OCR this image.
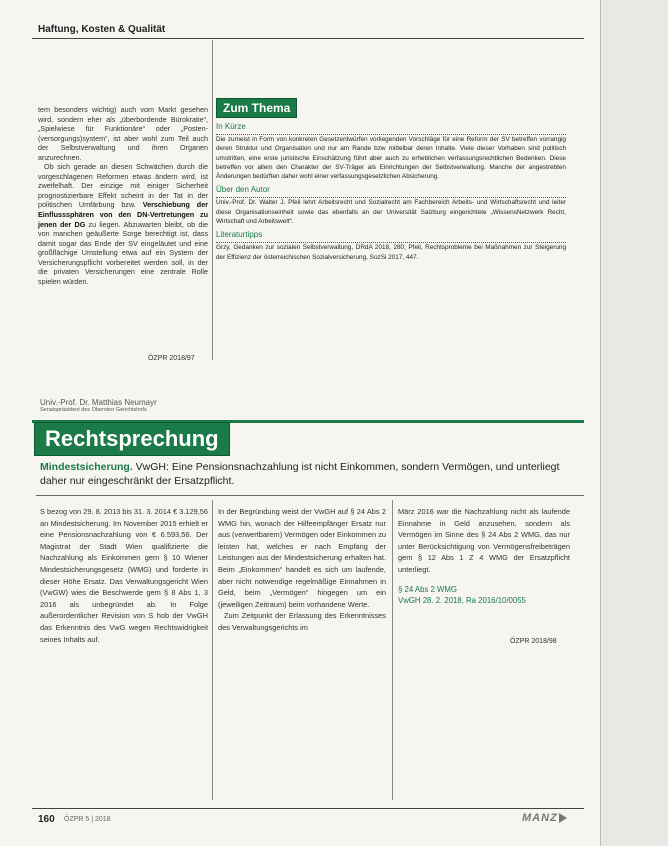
Haftung, Kosten & Qualität

tem besonders wichtig) auch vom Markt gesehen wird, sondern eher als „überbordende Bürokratie“, „Spielwiese für Funktionäre“ oder „Posten-(versorgungs)system“, ist aber wohl zum Teil auch der Selbstverwaltung und ihren Organen anzurechnen.

Ob sich gerade an diesen Schwächen durch die vorgeschlagenen Reformen etwas ändern wird, ist zweifelhaft. Der einzige mit einiger Sicherheit prognostizierbare Effekt scheint in der Tat in der politischen Umfärbung bzw. Verschiebung der Einflusssphären von den DN-Vertretungen zu jenen der DG zu liegen. Abzuwarten bleibt, ob die von manchen geäußerte Sorge berechtigt ist, dass damit sogar das Ende der SV eingeläutet und eine großflächige Umstellung etwa auf ein System der Versicherungspflicht vorbereitet werden soll, in der die privaten Versicherungen eine zentrale Rolle spielen würden.

ÖZPR 2018/97
Zum Thema
In Kürze
Die zumeist in Form von konkreten Gesetzentwürfen vorliegenden Vorschläge für eine Reform der SV betreffen vorrangig deren Struktur und Organisation und nur am Rande bzw mittelbar deren Inhalte. Viele dieser Vorhaben sind politisch umstritten, eine erste juristische Einschätzung führt aber auch zu erheblichen verfassungsrechtlichen Bedenken. Diese betreffen vor allem den Charakter der SV-Träger als Einrichtungen der Selbstverwaltung. Manche der angestrebten Änderungen bedürften daher wohl einer verfassungsgesetzlichen Absicherung.
Über den Autor
Univ.-Prof. Dr. Walter J. Pfeil lehrt Arbeitsrecht und Sozialrecht am Fachbereich Arbeits- und Wirtschaftsrecht und leiter diese Organisationseinheit sowie das ebenfalls an der Universität Salzburg eingerichtete „WissensNetzwerk Recht, Wirtschaft und Arbeitswelt“.
Literaturtipps
Grzy, Gedanken zur sozialen Selbstverwaltung, DRdA 2018, 280; Pfeil, Rechtsprobleme bei Maßnahmen zur Steigerung der Effizienz der österreichischen Sozialversicherung, SozSi 2017, 447.
Univ.-Prof. Dr. Matthias Neumayr
Senatspräsident des Obersten Gerichtshofs
Rechtsprechung
Mindestsicherung. VwGH: Eine Pensionsnachzahlung ist nicht Einkommen, sondern Vermögen, und unterliegt daher nur eingeschränkt der Ersatzpflicht.

S bezog von 29. 8. 2013 bis 31. 3. 2014 € 3.129,56 an Mindestsicherung. Im November 2015 erhielt er eine Pensionsnachzahlung von € 6.593,56. Der Magistrat der Stadt Wien qualifizierte die Nachzahlung als Einkommen gem § 10 Wiener Mindestsicherungsgesetz (WMG) und forderte in dieser Höhe Ersatz. Das Verwaltungsgericht Wien (VwGW) wies die Beschwerde gem § 8 Abs 1, 3 2016 als unbegründet ab. In Folge außerordentlicher Revision von S hob der VwGH das Erkenntnis des VwG wegen Rechtswidrigkeit seines Inhalts auf.

In der Begründung weist der VwGH auf § 24 Abs 2 WMG hin, wonach der Hilfeempfänger Ersatz nur aus (verwertbarem) Vermögen oder Einkommen zu leisten hat, welches er nach Empfang der Leistungen aus der Mindestsicherung erhalten hat. Beim „Einkommen“ handelt es sich um laufende, aber nicht notwendige regelmäßige Einnahmen in Geld, beim „Vermögen“ hingegen um ein (jeweiligen Zeitraum) beim vorhandene Werte.

Zum Zeitpunkt der Erlassung des Erkenntnisses des Verwaltungsgerichts im

März 2016 war die Nachzahlung nicht als laufende Einnahme in Geld anzusehen, sondern als Vermögen im Sinne des § 24 Abs 2 WMG, das nur unter Berücksichtigung von Vermögensfreibeträgen gem § 12 Abs 1 Z 4 WMG der Ersatzpflicht unterliegt.

§ 24 Abs 2 WMG
VwGH 28. 2. 2018, Ra 2016/10/0055
ÖZPR 2018/98
160 ÖZPR 5 | 2018	MANZ
